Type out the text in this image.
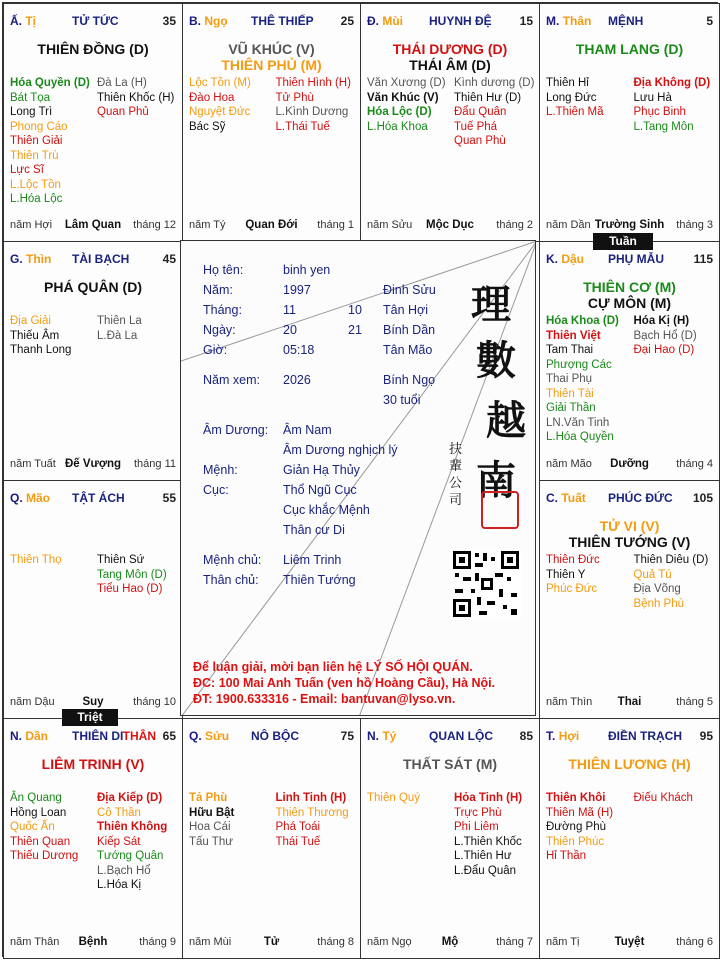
Ấ. Tị	TỬ TỨC	35
THIÊN ĐỒNG (D)
Hóa Quyền (D)
Bát Tọa
Long Trì
Phong Cáo
Thiên Giải
Thiên Trù
Lực Sĩ
L.Lộc Tồn
L.Hóa Lộc
Đà La (H)
Thiên Khốc (H)
Quan Phủ
năm Hợi	Lâm Quan	tháng 12
B. Ngọ THÊ THIẾP 25
VŨ KHÚC (V)
THIÊN PHỦ (M)
Lộc Tồn (M)
Đào Hoa
Nguyệt Đức
Bác Sỹ
Thiên Hình (H)
Tử Phù
L.Kình Dương
L.Thái Tuế
năm Tý	Quan Đới	tháng 1
Đ. Mùi HUYNH ĐỆ 15
THÁI DƯƠNG (D)
THÁI ÂM (D)
Văn Xương (D)
Văn Khúc (V)
Hóa Lộc (D)
L.Hóa Khoa
Kình dương (D)
Thiên Hư (D)
Đẩu Quân
Tuế Phá
Quan Phù
năm Sửu	Mộc Dục	tháng 2
M. Thân MỆNH	5
THAM LANG (D)
Thiên Hỉ
Long Đức
L.Thiên Mã
Địa Không (D)
Lưu Hà
Phục Binh
L.Tang Môn
năm Dần Trường Sinh	tháng 3
G. Thìn TÀI BẠCH	45
PHÁ QUÂN (D)
Địa Giải
Thiếu Âm
Thanh Long
Thiên La
L.Đà La
năm Tuất Đế Vượng	tháng 11
K. Dậu PHỤ MẪU 115
THIÊN CƠ (M)
CỰ MÔN (M)
Hóa Khoa (D)
Thiên Việt
Tam Thai
Phượng Các
Thai Phụ
Thiên Tài
Giải Thần
LN.Văn Tinh
L.Hóa Quyền
Hóa Kị (H)
Bạch Hổ (D)
Đại Hao (D)
năm Mão	Dưỡng	tháng 4
Q. Mão TẬT ÁCH	55
Thiên Thọ	Thiên Sứ
Tang Môn (D)
Tiểu Hao (D)
năm Dậu	Suy	tháng 10
C. Tuất PHÚC ĐỨC 105
TỬ VI (V)
THIÊN TƯỚNG (V)
Thiên Đức
Thiên Y
Phúc Đức
Thiên Diêu (D)
Quả Tú
Địa Võng
Bệnh Phù
năm Thìn	Thai	tháng 5
N. Dần THIÊN DI THÂN 65
LIÊM TRINH (V)
Ân Quang
Hồng Loan
Quốc Ấn
Thiên Quan
Thiếu Dương
Địa Kiếp (D)
Cô Thần
Thiên Không
Kiếp Sát
Tướng Quân
L.Bạch Hổ
L.Hóa Kị
năm Thân	Bệnh	tháng 9
Q. Sửu NÔ BỘC	75
Tả Phù
Hữu Bật
Hoa Cái
Tấu Thư
Linh Tinh (H)
Thiên Thương
Phá Toái
Thái Tuế
năm Mùi	Tử	tháng 8
N. Tý	QUAN LỘC 85
THẤT SÁT (M)
Thiên Quý	Hỏa Tinh (H)
Trực Phù
Phi Liêm
L.Thiên Khốc
L.Thiên Hư
L.Đẩu Quân
năm Ngọ	Mộ	tháng 7
T. Hợi ĐIỀN TRẠCH 95
THIÊN LƯƠNG (H)
Thiên Khôi
Thiên Mã (H)
Đường Phù
Thiên Phúc
Hỉ Thần
Điếu Khách
năm Tị	Tuyệt	tháng 6
Họ tên:	binh yen
Năm:	1997	Đinh Sửu
Tháng:	11	10 Tân Hợi
Ngày:	20	21 Bính Dần
Giờ:	05:18	Tân Mão
Năm xem: 2026	Bính Ngọ
30 tuổi
Âm Dương: Âm Nam
Âm Dương nghịch lý
Mệnh:	Giản Hạ Thủy
Cục:	Thổ Ngũ Cục
Cục khắc Mệnh
Thân cư Di
Mệnh chủ: Liêm Trinh
Thân chủ: Thiên Tướng
理
數
越
南
扶
輩
公
司
Để luận giải, mời bạn liên hệ LÝ SỐ HỘI QUÁN.
ĐC: 100 Mai Anh Tuấn (ven hồ Hoàng Cầu), Hà Nội.
ĐT: 1900.633316 - Email: bantuvan@lyso.vn.
Tuần
Triệt
